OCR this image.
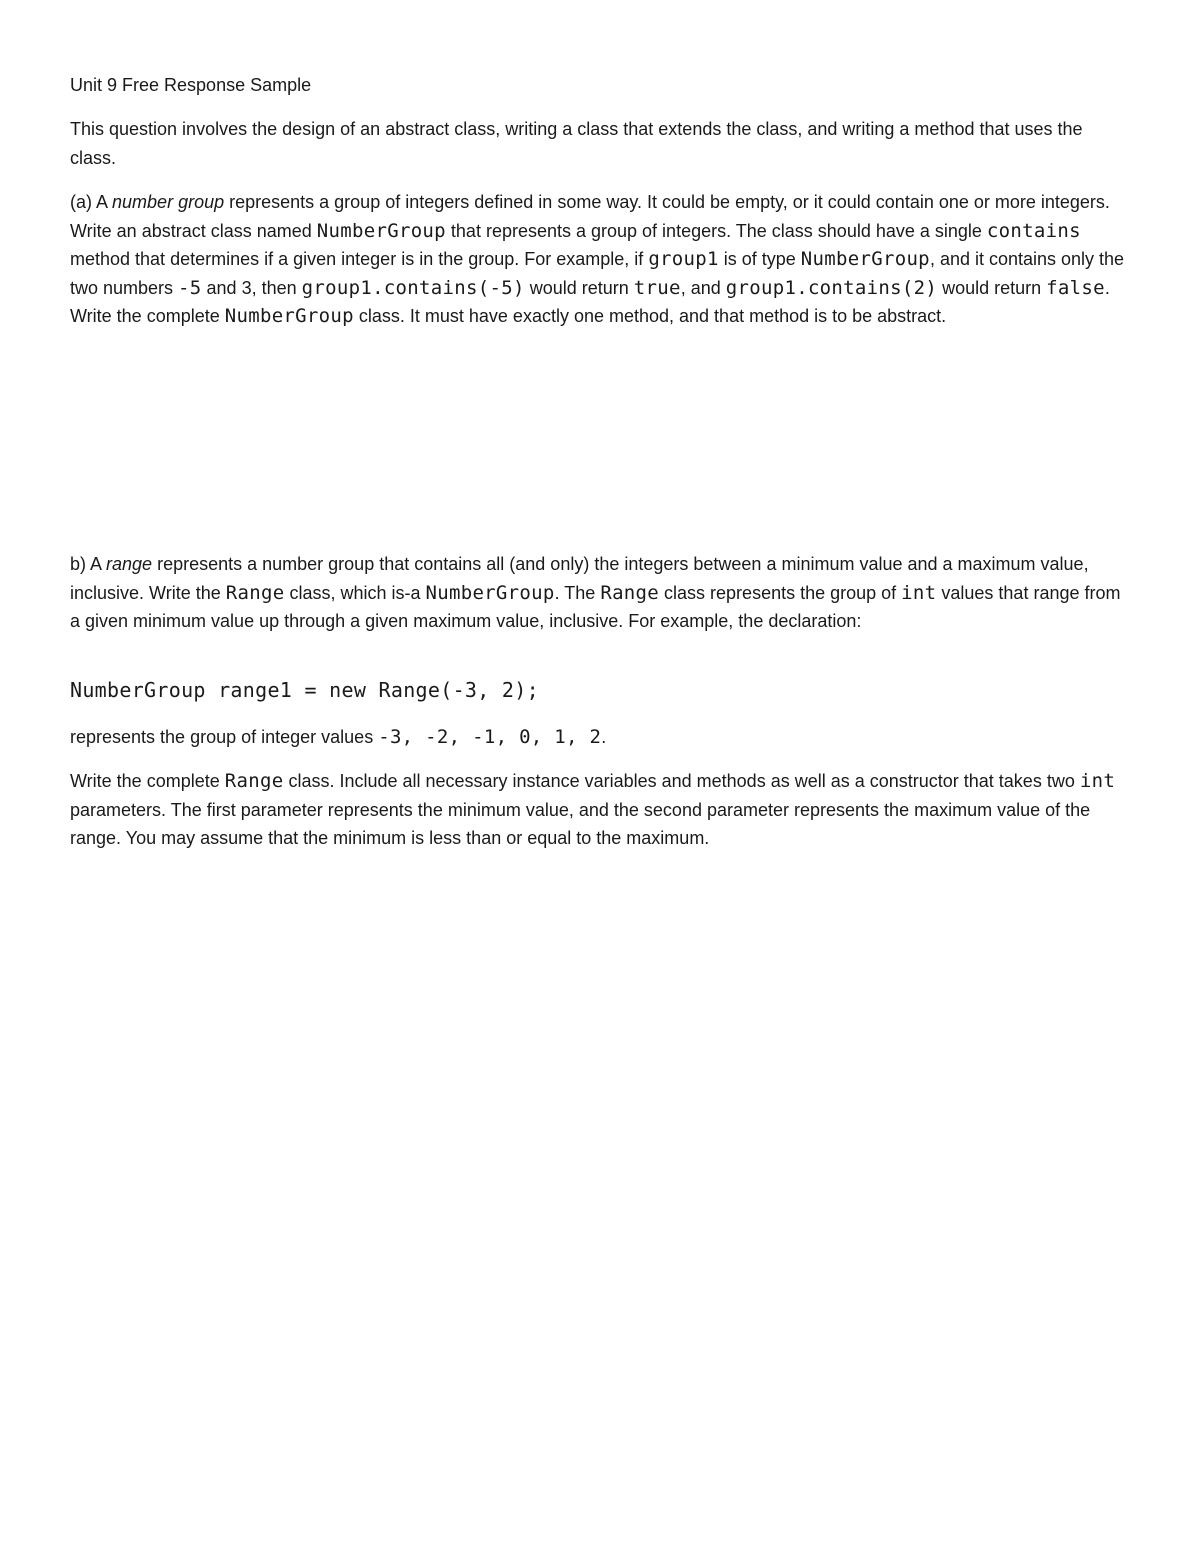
Unit 9 Free Response Sample

This question involves the design of an abstract class, writing a class that extends the class, and writing a method that uses the class.

(a) A number group represents a group of integers defined in some way. It could be empty, or it could contain one or more integers. Write an abstract class named NumberGroup that represents a group of integers. The class should have a single contains method that determines if a given integer is in the group. For example, if group1 is of type NumberGroup, and it contains only the two numbers -5 and 3, then group1.contains(-5) would return true, and group1.contains(2) would return false. Write the complete NumberGroup class. It must have exactly one method, and that method is to be abstract.

b) A range represents a number group that contains all (and only) the integers between a minimum value and a maximum value, inclusive. Write the Range class, which is-a NumberGroup. The Range class represents the group of int values that range from a given minimum value up through a given maximum value, inclusive. For example, the declaration:

NumberGroup range1 = new Range(-3, 2);

represents the group of integer values -3, -2, -1, 0, 1, 2.

Write the complete Range class. Include all necessary instance variables and methods as well as a constructor that takes two int parameters. The first parameter represents the minimum value, and the second parameter represents the maximum value of the range. You may assume that the minimum is less than or equal to the maximum.
